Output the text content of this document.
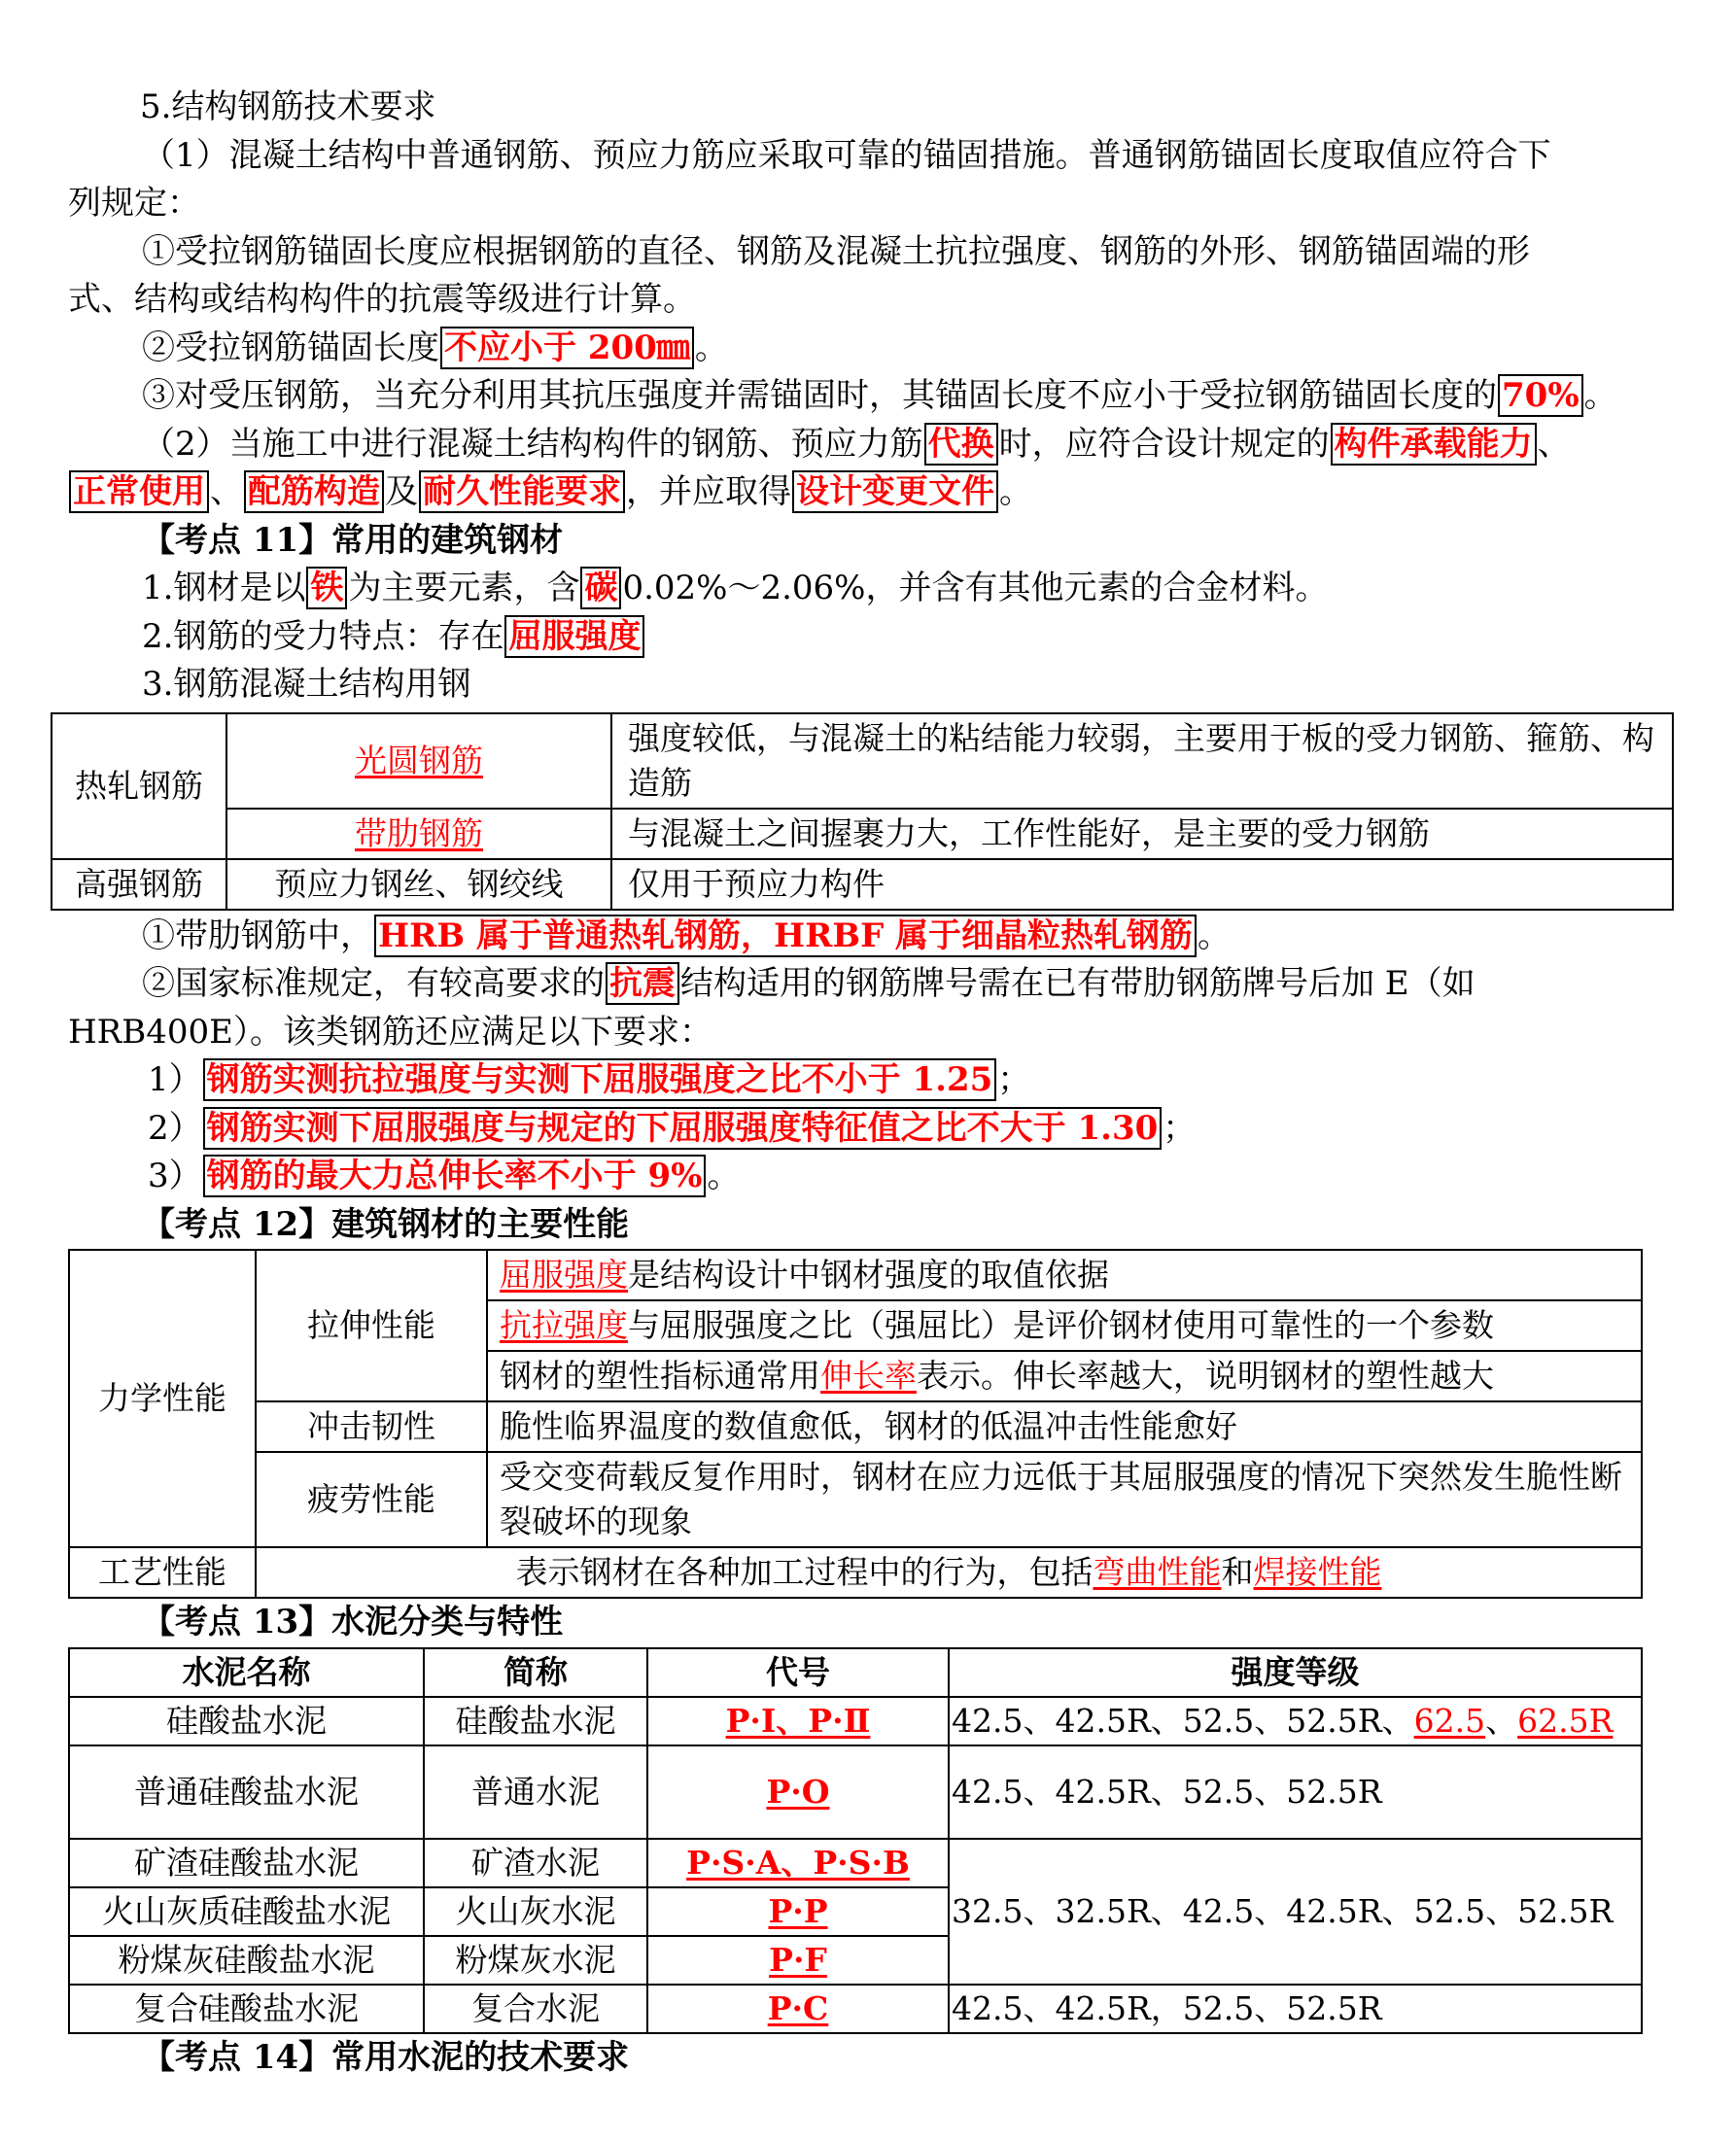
5.结构钢筋技术要求
（1）混凝土结构中普通钢筋、预应力筋应采取可靠的锚固措施。普通钢筋锚固长度取值应符合下
列规定：
①受拉钢筋锚固长度应根据钢筋的直径、钢筋及混凝土抗拉强度、钢筋的外形、钢筋锚固端的形
式、结构或结构构件的抗震等级进行计算。
②受拉钢筋锚固长度 不应小于 200㎜ 。
③对受压钢筋，当充分利用其抗压强度并需锚固时，其锚固长度不应小于受拉钢筋锚固长度的 70% 。
（2）当施工中进行混凝土结构构件的钢筋、预应力筋 代换 时，应符合设计规定的 构件承载能力 、
正常使用 、 配筋构造 及 耐久性能要求 ，并应取得 设计变更文件 。
【考点 11】常用的建筑钢材
1.钢材是以 铁 为主要元素，含 碳 0.02%～2.06%，并含有其他元素的合金材料。
2.钢筋的受力特点：存在 屈服强度
3.钢筋混凝土结构用钢
热轧钢筋	光圆钢筋	强度较低，与混凝土的粘结能力较弱，主要用于板的受力钢筋、箍筋、构造筋
	带肋钢筋	与混凝土之间握裹力大，工作性能好，是主要的受力钢筋
高强钢筋	预应力钢丝、钢绞线	仅用于预应力构件
①带肋钢筋中， HRB 属于普通热轧钢筋，HRBF 属于细晶粒热轧钢筋 。
②国家标准规定，有较高要求的 抗震 结构适用的钢筋牌号需在已有带肋钢筋牌号后加 E（如
HRB400E）。该类钢筋还应满足以下要求：
1） 钢筋实测抗拉强度与实测下屈服强度之比不小于 1.25 ；
2） 钢筋实测下屈服强度与规定的下屈服强度特征值之比不大于 1.30 ；
3） 钢筋的最大力总伸长率不小于 9% 。
【考点 12】建筑钢材的主要性能
力学性能	拉伸性能	屈服强度是结构设计中钢材强度的取值依据
		抗拉强度与屈服强度之比（强屈比）是评价钢材使用可靠性的一个参数
		钢材的塑性指标通常用伸长率表示。伸长率越大，说明钢材的塑性越大
	冲击韧性	脆性临界温度的数值愈低，钢材的低温冲击性能愈好
	疲劳性能	受交变荷载反复作用时，钢材在应力远低于其屈服强度的情况下突然发生脆性断裂破坏的现象
工艺性能	表示钢材在各种加工过程中的行为，包括弯曲性能和焊接性能	
【考点 13】水泥分类与特性
水泥名称	简称	代号	强度等级
硅酸盐水泥	硅酸盐水泥	P·Ⅰ、P·Ⅱ	42.5、42.5R、52.5、52.5R、62.5、62.5R
普通硅酸盐水泥	普通水泥	P·O	42.5、42.5R、52.5、52.5R
矿渣硅酸盐水泥	矿渣水泥	P·S·A、P·S·B	32.5、32.5R、42.5、42.5R、52.5、52.5R
火山灰质硅酸盐水泥	火山灰水泥	P·P	
粉煤灰硅酸盐水泥	粉煤灰水泥	P·F	
复合硅酸盐水泥	复合水泥	P·C	42.5、42.5R，52.5、52.5R
【考点 14】常用水泥的技术要求
